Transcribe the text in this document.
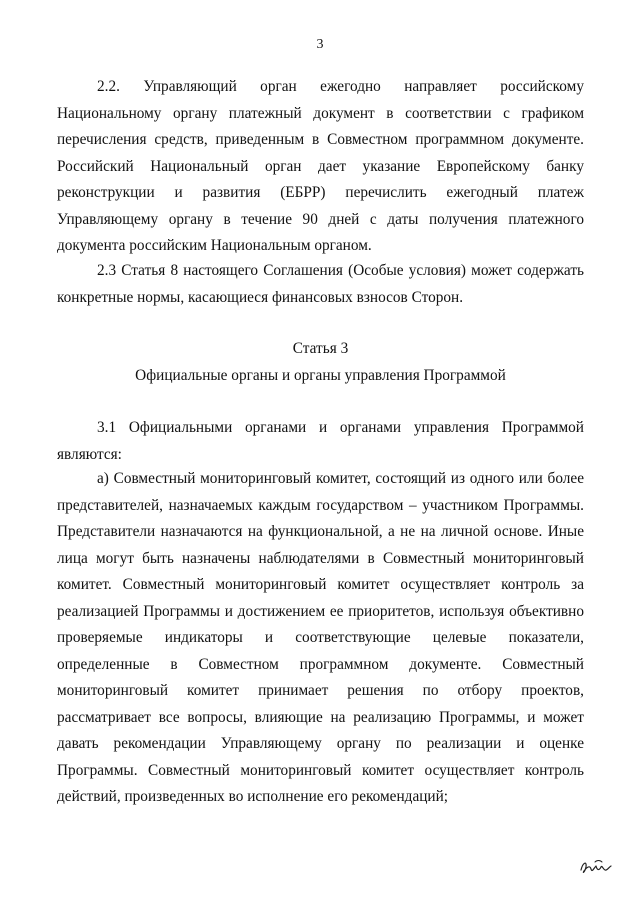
3

2.2. Управляющий орган ежегодно направляет российскому Национальному органу платежный документ в соответствии с графиком перечисления средств, приведенным в Совместном программном документе. Российский Национальный орган дает указание Европейскому банку реконструкции и развития (ЕБРР) перечислить ежегодный платеж Управляющему органу в течение 90 дней с даты получения платежного документа российским Национальным органом.

2.3 Статья 8 настоящего Соглашения (Особые условия) может содержать конкретные нормы, касающиеся финансовых взносов Сторон.

Статья 3

Официальные органы и органы управления Программой

3.1 Официальными органами и органами управления Программой являются:

а) Совместный мониторинговый комитет, состоящий из одного или более представителей, назначаемых каждым государством – участником Программы. Представители назначаются на функциональной, а не на личной основе. Иные лица могут быть назначены наблюдателями в Совместный мониторинговый комитет. Совместный мониторинговый комитет осуществляет контроль за реализацией Программы и достижением ее приоритетов, используя объективно проверяемые индикаторы и соответствующие целевые показатели, определенные в Совместном программном документе. Совместный мониторинговый комитет принимает решения по отбору проектов, рассматривает все вопросы, влияющие на реализацию Программы, и может давать рекомендации Управляющему органу по реализации и оценке Программы. Совместный мониторинговый комитет осуществляет контроль действий, произведенных во исполнение его рекомендаций;
